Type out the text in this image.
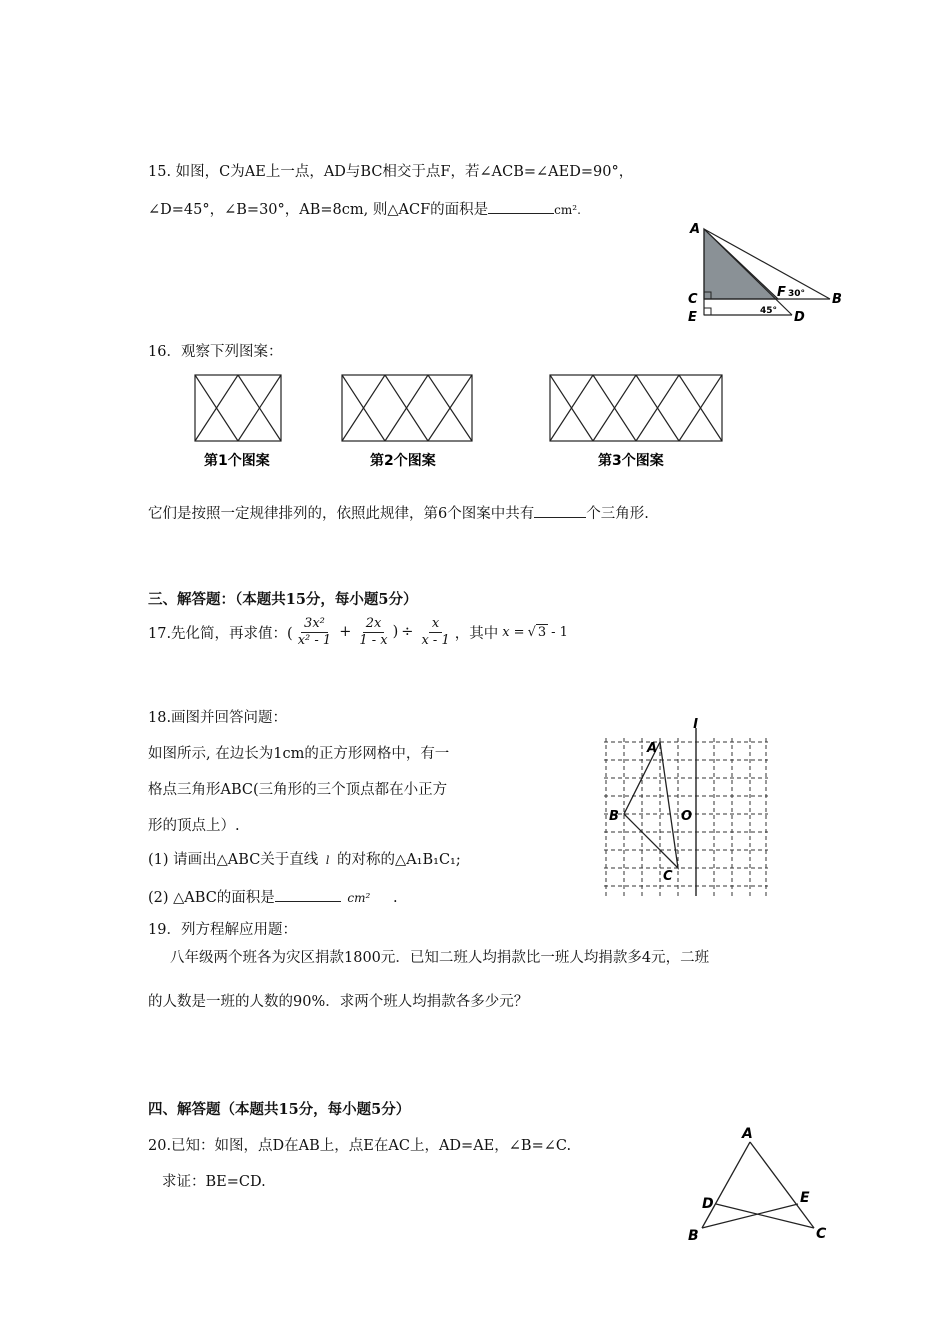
15. 如图，C为AE上一点，AD与BC相交于点F，若∠ACB=∠AED=90°，
∠D=45°，∠B=30°，AB=8cm, 则△ACF的面积是	cm².
A
C
E
F 30° B
45° D
16．观察下列图案：
第1个图案	第2个图案	第3个图案
它们是按照一定规律排列的，依照此规律，第6个图案中共有	个三角形.
三、解答题：（本题共15分，每小题5分）
17.先化简，再求值：( $\frac{\text{3x²}}{\text{x² - 1}} + \frac{2x}{1 - x}$ ) ÷ $\frac{x}{x - 1}$ ，其中 x = √ 3 - 1
18.画图并回答问题：
如图所示, 在边长为1cm的正方形网格中，有一
格点三角形ABC(三角形的三个顶点都在小正方
形的顶点上）.
(1) 请画出△ABC关于直线 l 的对称的△A₁B₁C₁;
(2) △ABC的面积是	cm² .
l
A
B	O
C
19．列方程解应用题：
八年级两个班各为灾区捐款1800元．已知二班人均捐款比一班人均捐款多4元，二班
的人数是一班的人数的90%．求两个班人均捐款各多少元？
四、解答题（本题共15分，每小题5分）
20.已知：如图，点D在AB上，点E在AC上，AD=AE，∠B=∠C.
求证：BE=CD.
A
D	E
B	C
